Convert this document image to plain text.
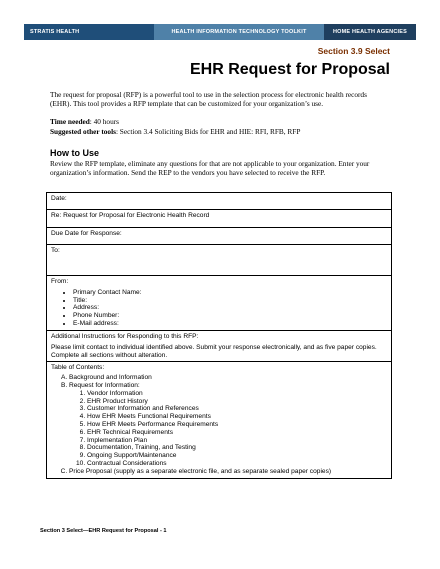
STRATIS HEALTH	HEALTH INFORMATION TECHNOLOGY TOOLKIT	HOME HEALTH AGENCIES
Section 3.9 Select
EHR Request for Proposal

The request for proposal (RFP) is a powerful tool to use in the selection process for electronic health records (EHR). This tool provides a RFP template that can be customized for your organization’s use.

Time needed: 40 hours
Suggested other tools: Section 3.4 Soliciting Bids for EHR and HIE: RFI, RFB, RFP
How to Use

Review the RFP template, eliminate any questions for that are not applicable to your organization. Enter your organization’s information. Send the REP to the vendors you have selected to receive the RFP.

Date:
Re: Request for Proposal for Electronic Health Record
Due Date for Response:
To:

From:
• Primary Contact Name:
• Title:
• Address:
• Phone Number:
• E-Mail address:

Additional Instructions for Responding to this RFP:
Please limit contact to individual identified above. Submit your response electronically, and as five paper copies. Complete all sections without alteration.

Table of Contents:
A. Background and Information
B. Request for Information:
1. Vendor Information
2. EHR Product History
3. Customer Information and References
4. How EHR Meets Functional Requirements
5. How EHR Meets Performance Requirements
6. EHR Technical Requirements
7. Implementation Plan
8. Documentation, Training, and Testing
9. Ongoing Support/Maintenance
10. Contractual Considerations
C. Price Proposal (supply as a separate electronic file, and as separate sealed paper copies)
Section 3 Select—EHR Request for Proposal - 1
